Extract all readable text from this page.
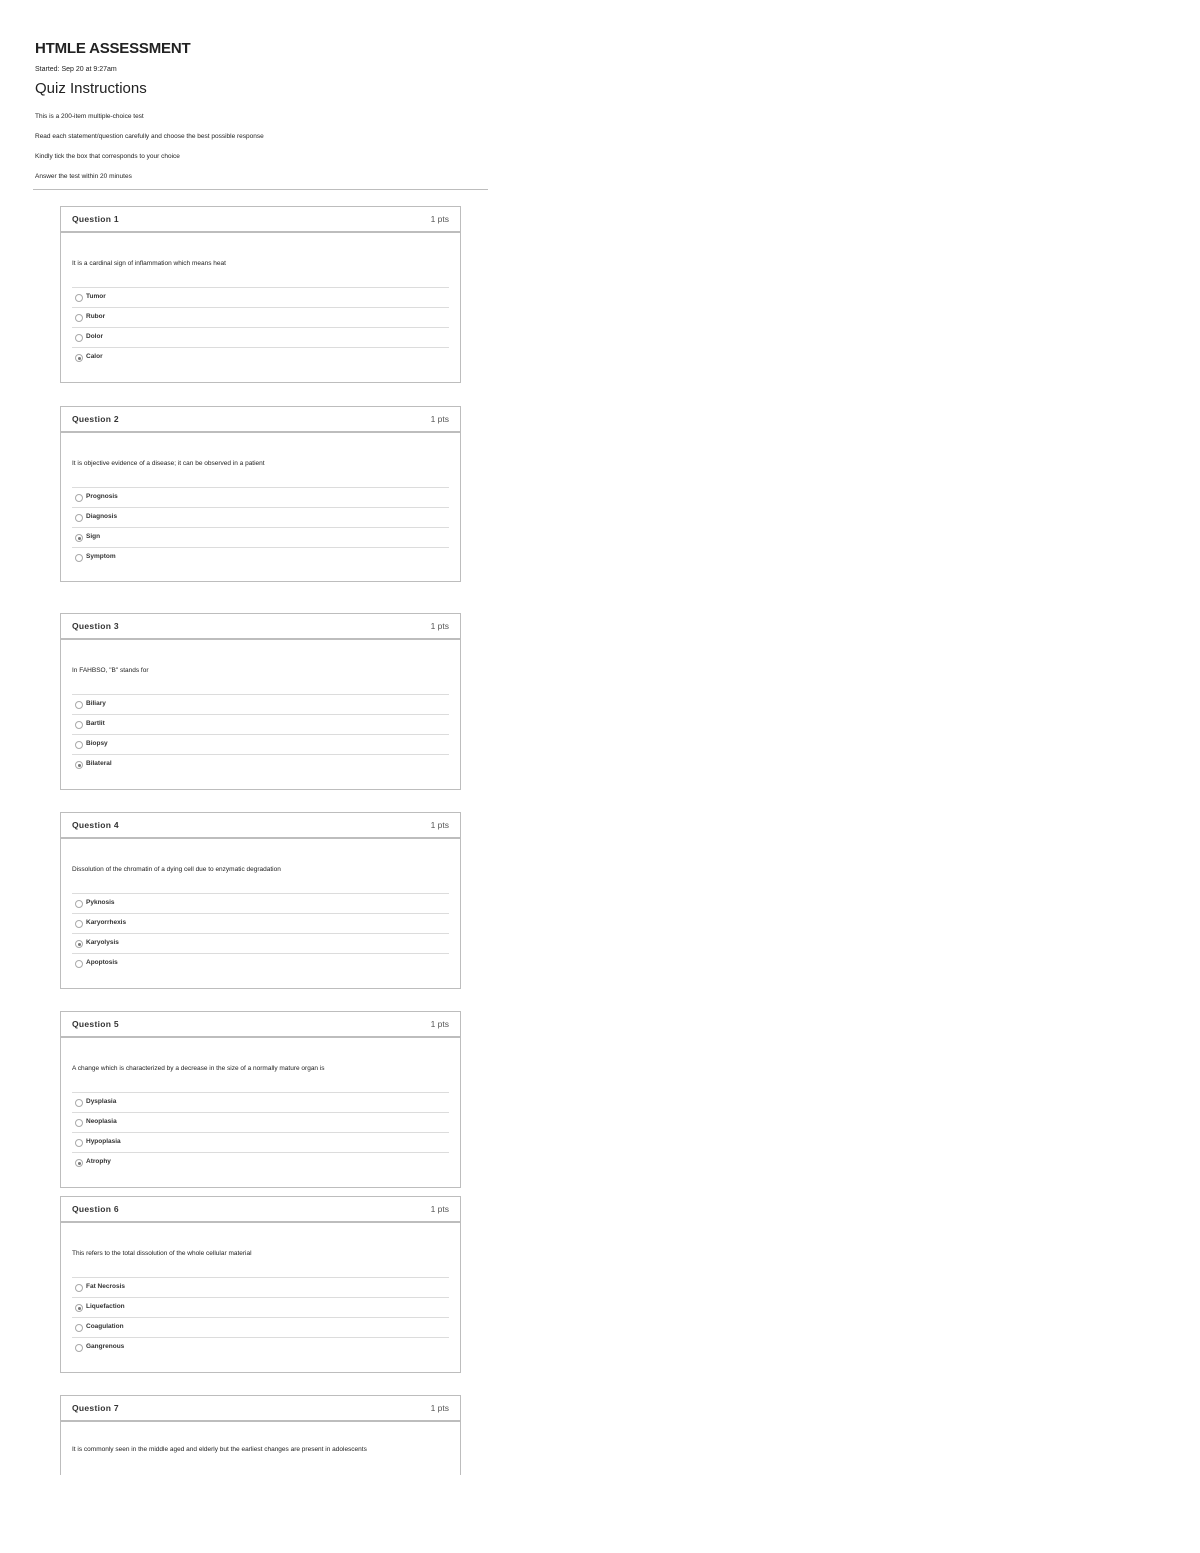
HTMLE ASSESSMENT
Started: Sep 20 at 9:27am
Quiz Instructions
This is a 200-item multiple-choice test
Read each statement/question carefully and choose the best possible response
Kindly tick the box that corresponds to your choice
Answer the test within 20 minutes
Question 1	1 pts
It is a cardinal sign of inflammation which means heat
Tumor
Rubor
Dolor
Calor
Question 2	1 pts
It is objective evidence of a disease; it can be observed in a patient
Prognosis
Diagnosis
Sign
Symptom
Question 3	1 pts
In FAHBSO, "B" stands for
Biliary
Bartlit
Biopsy
Bilateral
Question 4	1 pts
Dissolution of the chromatin of a dying cell due to enzymatic degradation
Pyknosis
Karyorrhexis
Karyolysis
Apoptosis
Question 5	1 pts
A change which is characterized by a decrease in the size of a normally mature organ is
Dysplasia
Neoplasia
Hypoplasia
Atrophy
Question 6	1 pts
This refers to the total dissolution of the whole cellular material
Fat Necrosis
Liquefaction
Coagulation
Gangrenous
Question 7	1 pts
It is commonly seen in the middle aged and elderly but the earliest changes are present in adolescents
